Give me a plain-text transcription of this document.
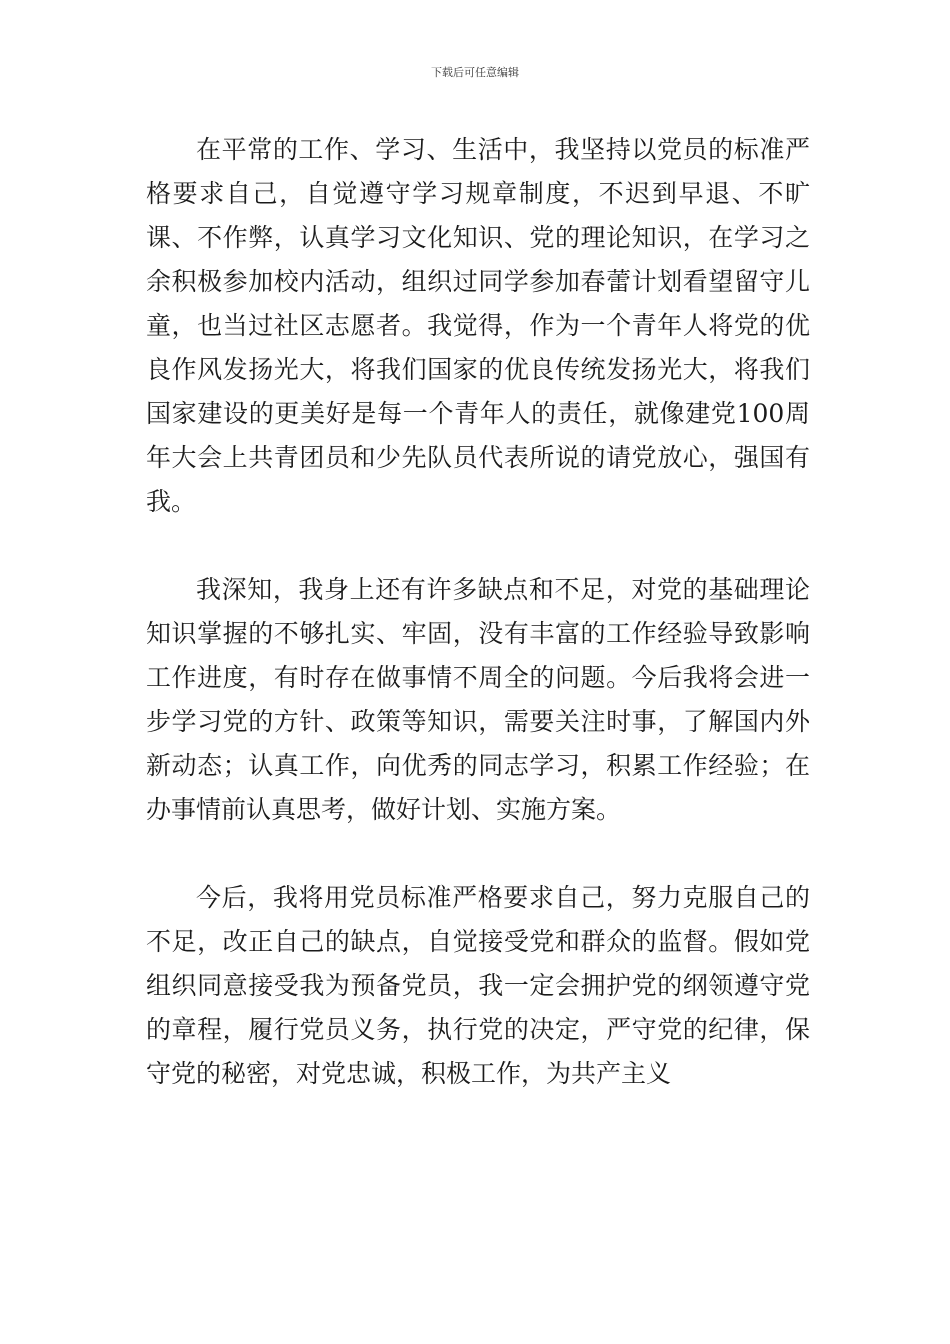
下载后可任意编辑

在平常的工作、学习、生活中，我坚持以党员的标准严格要求自己，自觉遵守学习规章制度，不迟到早退、不旷课、不作弊，认真学习文化知识、党的理论知识，在学习之余积极参加校内活动，组织过同学参加春蕾计划看望留守儿童，也当过社区志愿者。我觉得，作为一个青年人将党的优良作风发扬光大，将我们国家的优良传统发扬光大，将我们国家建设的更美好是每一个青年人的责任，就像建党100周年大会上共青团员和少先队员代表所说的请党放心，强国有我。

我深知，我身上还有许多缺点和不足，对党的基础理论知识掌握的不够扎实、牢固，没有丰富的工作经验导致影响工作进度，有时存在做事情不周全的问题。今后我将会进一步学习党的方针、政策等知识，需要关注时事，了解国内外新动态；认真工作，向优秀的同志学习，积累工作经验；在办事情前认真思考，做好计划、实施方案。

今后，我将用党员标准严格要求自己，努力克服自己的不足，改正自己的缺点，自觉接受党和群众的监督。假如党组织同意接受我为预备党员，我一定会拥护党的纲领遵守党的章程，履行党员义务，执行党的决定，严守党的纪律，保守党的秘密，对党忠诚，积极工作，为共产主义
